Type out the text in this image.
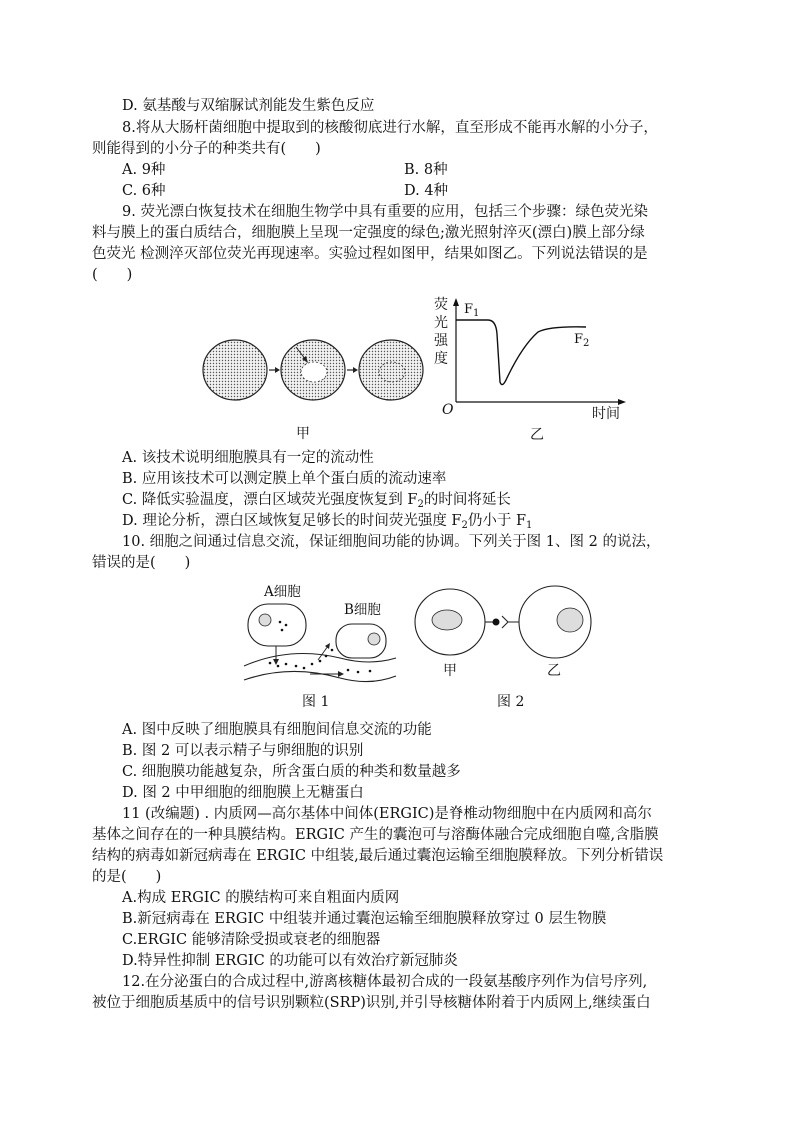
D. 氨基酸与双缩脲试剂能发生紫色反应
8.将从大肠杆菌细胞中提取到的核酸彻底进行水解，直至形成不能再水解的小分子，
则能得到的小分子的种类共有(　　)
A. 9种	B. 8种
C. 6种	D. 4种
9. 荧光漂白恢复技术在细胞生物学中具有重要的应用，包括三个步骤：绿色荧光染
料与膜上的蛋白质结合，细胞膜上呈现一定强度的绿色;激光照射淬灭(漂白)膜上部分绿
色荧光 检测淬灭部位荧光再现速率。实验过程如图甲，结果如图乙。下列说法错误的是
(　　)
甲
荧
光
强
度
$F_1$
$F_2$
O	时间
乙
A. 该技术说明细胞膜具有一定的流动性
B. 应用该技术可以测定膜上单个蛋白质的流动速率
C. 降低实验温度，漂白区域荧光强度恢复到 $F_2$的时间将延长
D. 理论分析，漂白区域恢复足够长的时间荧光强度 $F_2$仍小于 $F_1$
10. 细胞之间通过信息交流，保证细胞间功能的协调。下列关于图 1、图 2 的说法，
错误的是(　　)
A细胞
B细胞
图 1
甲	乙
图 2
A. 图中反映了细胞膜具有细胞间信息交流的功能
B. 图 2 可以表示精子与卵细胞的识别
C. 细胞膜功能越复杂，所含蛋白质的种类和数量越多
D. 图 2 中甲细胞的细胞膜上无糖蛋白
11 (改编题) . 内质网—高尔基体中间体(ERGIC)是脊椎动物细胞中在内质网和高尔
基体之间存在的一种具膜结构。ERGIC 产生的囊泡可与溶酶体融合完成细胞自噬,含脂膜
结构的病毒如新冠病毒在 ERGIC 中组装,最后通过囊泡运输至细胞膜释放。下列分析错误
的是(　　)
A.构成 ERGIC 的膜结构可来自粗面内质网
B.新冠病毒在 ERGIC 中组装并通过囊泡运输至细胞膜释放穿过 0 层生物膜
C.ERGIC 能够清除受损或衰老的细胞器
D.特异性抑制 ERGIC 的功能可以有效治疗新冠肺炎
12.在分泌蛋白的合成过程中,游离核糖体最初合成的一段氨基酸序列作为信号序列,
被位于细胞质基质中的信号识别颗粒(SRP)识别,并引导核糖体附着于内质网上,继续蛋白
